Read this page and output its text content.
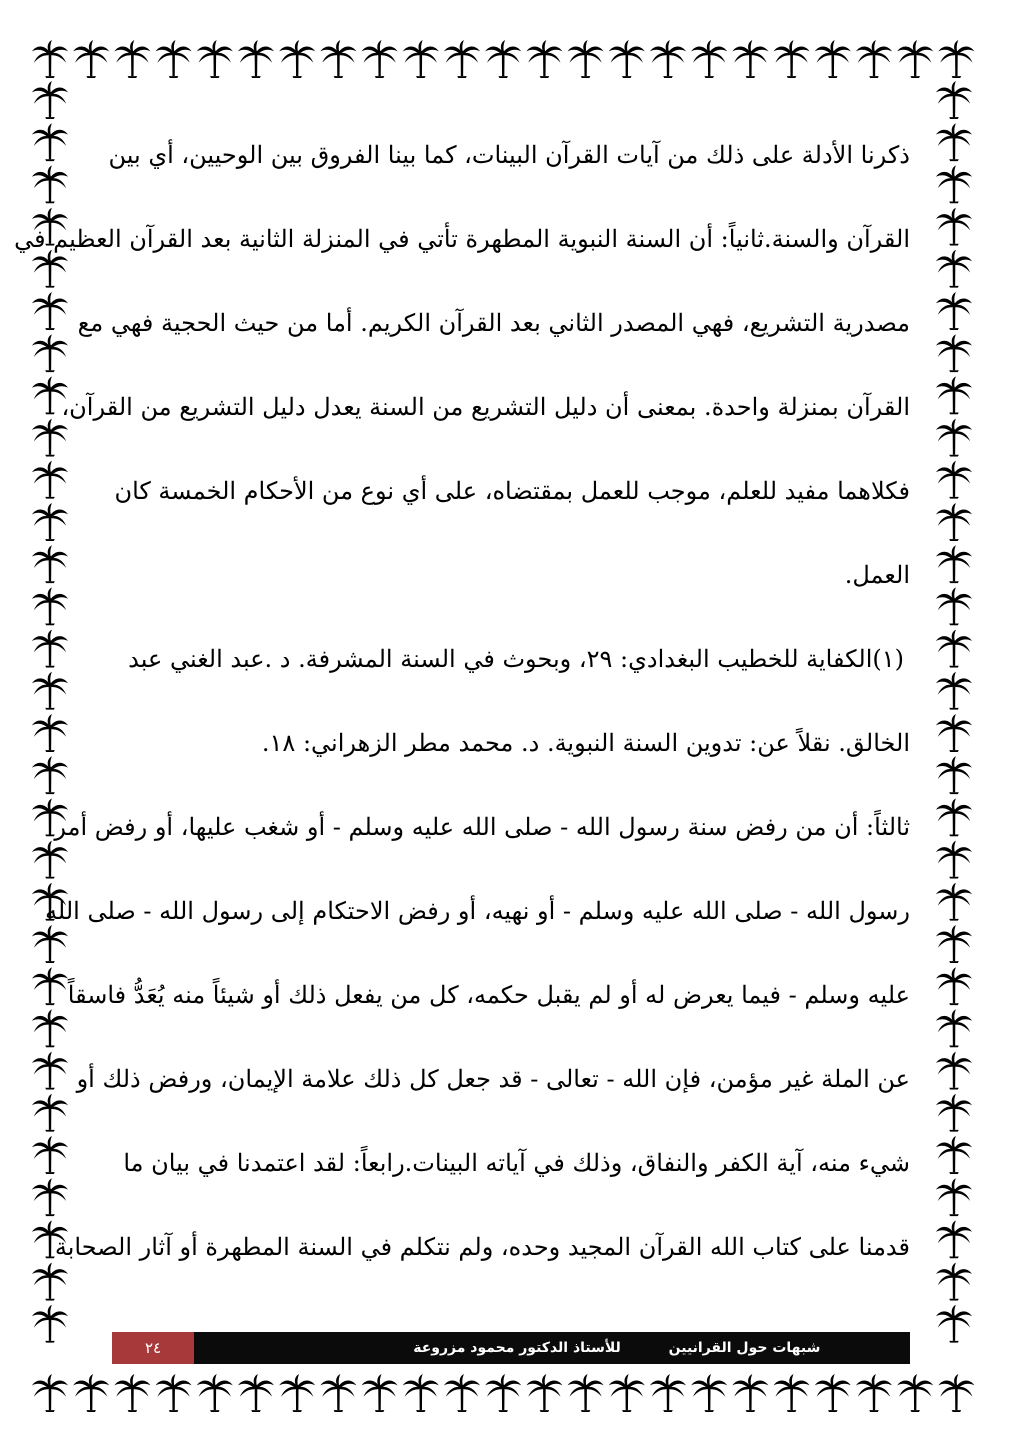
ذكرنا الأدلة على ذلك من آيات القرآن البينات، كما بينا الفروق بين الوحيين، أي بين
القرآن والسنة.ثانياً: أن السنة النبوية المطهرة تأتي في المنزلة الثانية بعد القرآن العظيم في
مصدرية التشريع، فهي المصدر الثاني بعد القرآن الكريم. أما من حيث الحجية فهي مع
القرآن بمنزلة واحدة. بمعنى أن دليل التشريع من السنة يعدل دليل التشريع من القرآن،
فكلاهما مفيد للعلم، موجب للعمل بمقتضاه، على أي نوع من الأحكام الخمسة كان
العمل.
(١)الكفاية للخطيب البغدادي: ٢٩، وبحوث في السنة المشرفة. د .عبد الغني عبد
الخالق. نقلاً عن: تدوين السنة النبوية. د. محمد مطر الزهراني: ١٨.
ثالثاً: أن من رفض سنة رسول الله - صلى الله عليه وسلم - أو شغب عليها، أو رفض أمر
رسول الله - صلى الله عليه وسلم - أو نهيه، أو رفض الاحتكام إلى رسول الله - صلى الله
عليه وسلم - فيما يعرض له أو لم يقبل حكمه، كل من يفعل ذلك أو شيئاً منه يُعَدُّ فاسقاً
عن الملة غير مؤمن، فإن الله - تعالى - قد جعل كل ذلك علامة الإيمان، ورفض ذلك أو
شيء منه، آية الكفر والنفاق، وذلك في آياته البينات.رابعاً: لقد اعتمدنا في بيان ما
قدمنا على كتاب الله القرآن المجيد وحده، ولم نتكلم في السنة المطهرة أو آثار الصحابة
٢٤	للأستاذ الدكتور محمود مزروعة	شبهات حول القرانيين
